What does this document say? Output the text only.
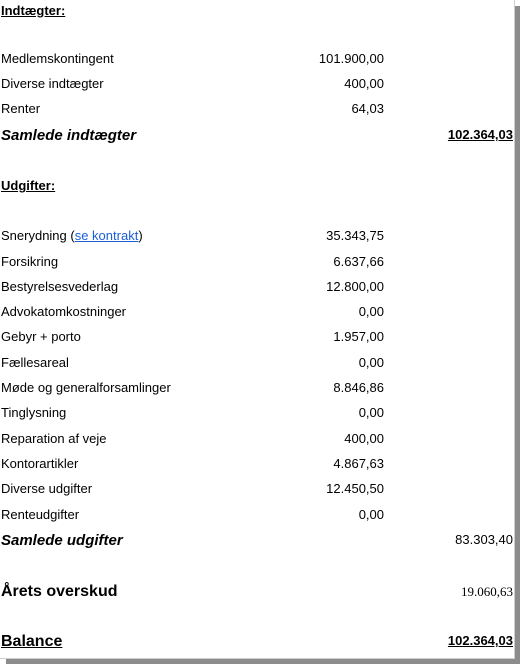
Indtægter:
Medlemskontingent	101.900,00
Diverse indtægter	400,00
Renter	64,03
Samlede indtægter	102.364,03
Udgifter:
Snerydning (se kontrakt)	35.343,75
Forsikring	6.637,66
Bestyrelsesvederlag	12.800,00
Advokatomkostninger	0,00
Gebyr + porto	1.957,00
Fællesareal	0,00
Møde og generalforsamlinger	8.846,86
Tinglysning	0,00
Reparation af veje	400,00
Kontorartikler	4.867,63
Diverse udgifter	12.450,50
Renteudgifter	0,00
Samlede udgifter	83.303,40
Årets overskud	19.060,63
Balance	102.364,03
